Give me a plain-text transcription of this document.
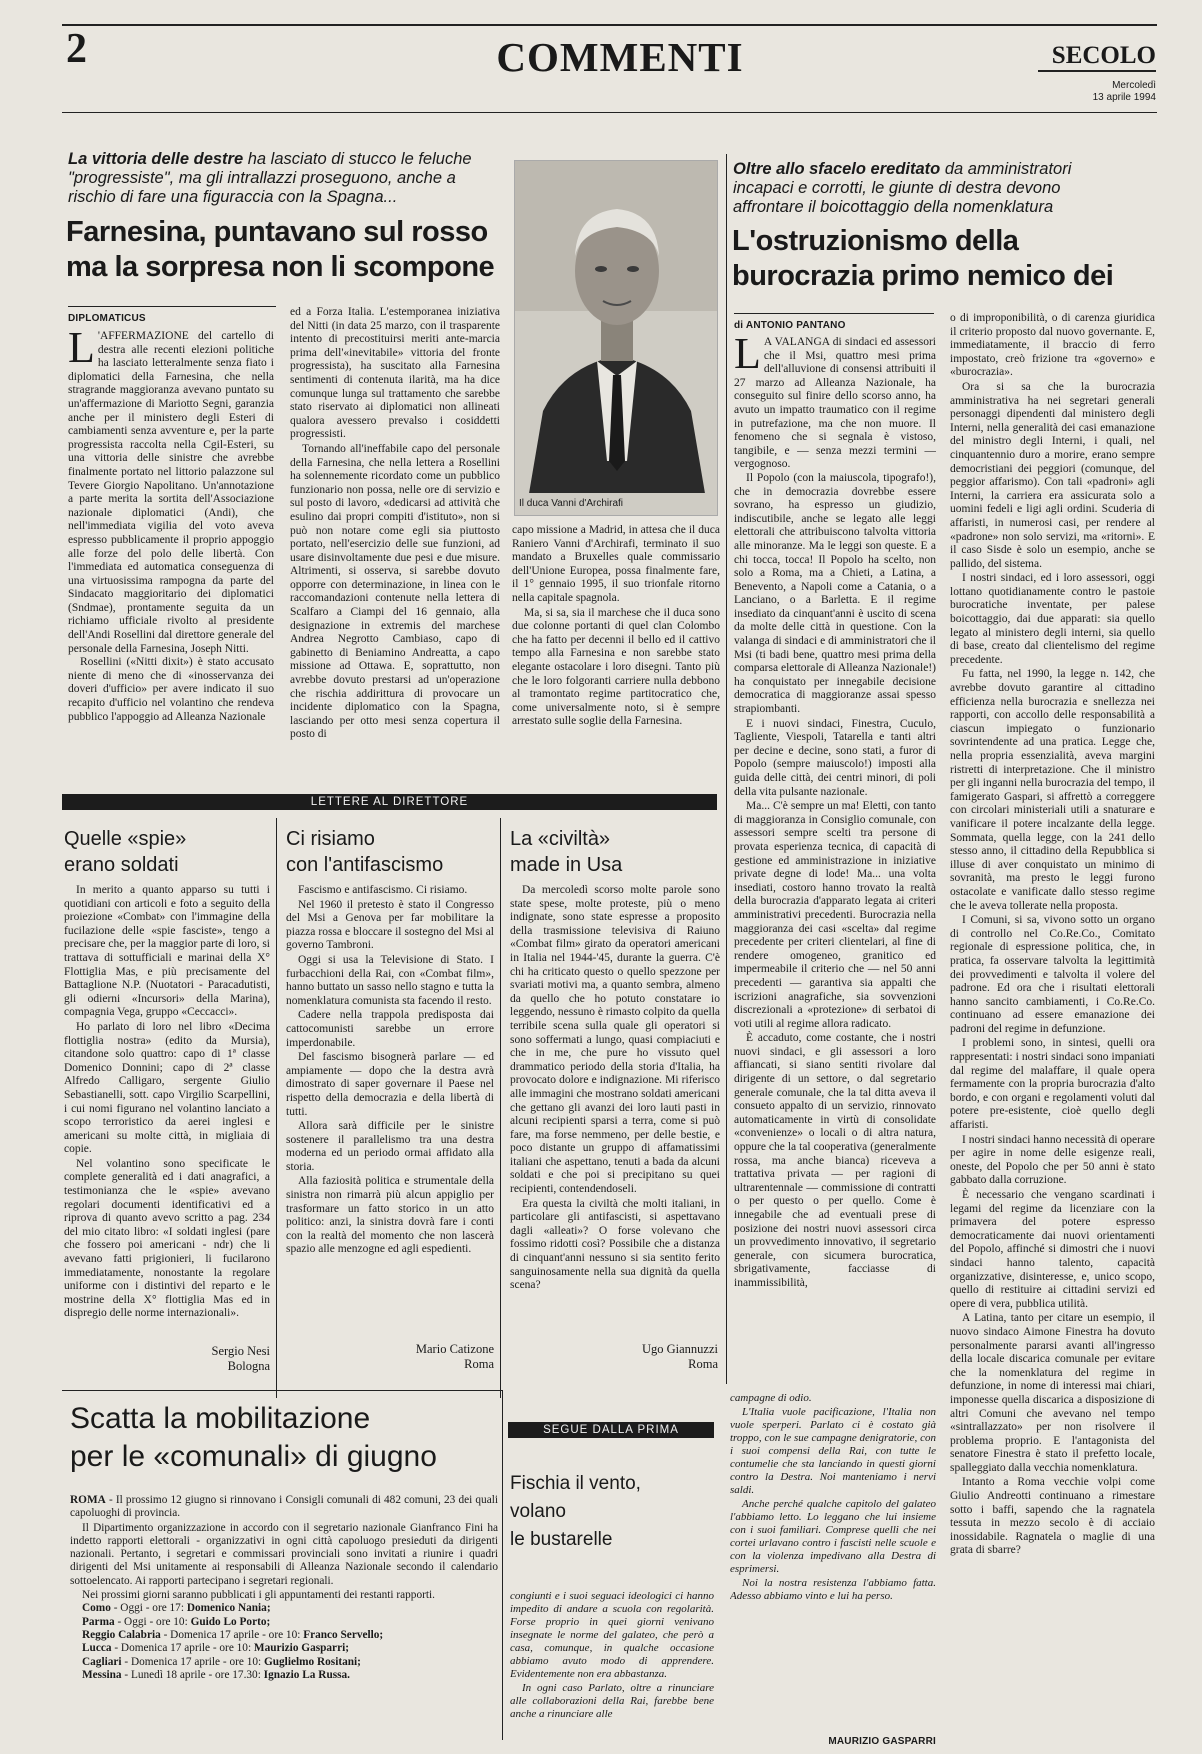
2	COMMENTI	SECOLO
Mercoledì
13 aprile 1994
La vittoria delle destre ha lasciato di stucco le feluche "progressiste", ma gli intrallazzi proseguono, anche a rischio di fare una figuraccia con la Spagna...
Farnesina, puntavano sul rosso ma la sorpresa non li scompone
DIPLOMATICUS
L 'AFFERMAZIONE del cartello di destra alle recenti elezioni politiche ha lasciato letteralmente senza fiato i diplomatici della Farnesina, che nella stragrande maggioranza avevano puntato su un'affermazione di Mariotto Segni, garanzia anche per il ministero degli Esteri di cambiamenti senza avventure e, per la parte progressista raccolta nella Cgil-Esteri, su una vittoria delle sinistre che avrebbe finalmente portato nel littorio palazzone sul Tevere Giorgio Napolitano. Un'annotazione a parte merita la sortita dell'Associazione nazionale diplomatici (Andi), che nell'immediata vigilia del voto aveva espresso pubblicamente il proprio appoggio alle forze del polo delle libertà. Con l'immediata ed automatica conseguenza di una virtuosissima rampogna da parte del Sindacato maggioritario dei diplomatici (Sndmae), prontamente seguita da un richiamo ufficiale rivolto al presidente dell'Andi Rosellini dal direttore generale del personale della Farnesina, Joseph Nitti.

Rosellini («Nitti dixit») è stato accusato niente di meno che di «inosservanza dei doveri d'ufficio» per avere indicato il suo recapito d'ufficio nel volantino che rendeva pubblico l'appoggio ad Alleanza Nazionale

ed a Forza Italia. L'estemporanea iniziativa del Nitti (in data 25 marzo, con il trasparente intento di precostituirsi meriti ante-marcia prima dell'«inevitabile» vittoria del fronte progressista), ha suscitato alla Farnesina sentimenti di contenuta ilarità, ma ha dice comunque lunga sul trattamento che sarebbe stato riservato ai diplomatici non allineati qualora avessero prevalso i cosiddetti progressisti.

Tornando all'ineffabile capo del personale della Farnesina, che nella lettera a Rosellini ha solennemente ricordato come un pubblico funzionario non possa, nelle ore di servizio e sul posto di lavoro, «dedicarsi ad attività che esulino dai propri compiti d'istituto», non si può non notare come egli sia piuttosto portato, nell'esercizio delle sue funzioni, ad usare disinvoltamente due pesi e due misure. Altrimenti, si osserva, si sarebbe dovuto opporre con determinazione, in linea con le raccomandazioni contenute nella lettera di Scalfaro a Ciampi del 16 gennaio, alla designazione in extremis del marchese Andrea Negrotto Cambiaso, capo di gabinetto di Beniamino Andreatta, a capo missione ad Ottawa. E, soprattutto, non avrebbe dovuto prestarsi ad un'operazione che rischia addirittura di provocare un incidente diplomatico con la Spagna, lasciando per otto mesi senza copertura il posto di

Il duca Vanni d'Archirafi

capo missione a Madrid, in attesa che il duca Raniero Vanni d'Archirafi, terminato il suo mandato a Bruxelles quale commissario dell'Unione Europea, possa finalmente fare, il 1° gennaio 1995, il suo trionfale ritorno nella capitale spagnola.

Ma, si sa, sia il marchese che il duca sono due colonne portanti di quel clan Colombo che ha fatto per decenni il bello ed il cattivo tempo alla Farnesina e non sarebbe stato elegante ostacolare i loro disegni. Tanto più che le loro folgoranti carriere nulla debbono al tramontato regime partitocratico che, come universalmente noto, si è sempre arrestato sulle soglie della Farnesina.

Oltre allo sfacelo ereditato da amministratori incapaci e corrotti, le giunte di destra devono affrontare il boicottaggio della nomenklatura
L'ostruzionismo della burocrazia primo nemico dei
di ANTONIO PANTANO
L A VALANGA di sindaci ed assessori che il Msi, quattro mesi prima dell'alluvione di consensi attribuiti il 27 marzo ad Alleanza Nazionale, ha conseguito sul finire dello scorso anno, ha avuto un impatto traumatico con il regime in putrefazione, ma che non muore. Il fenomeno che si segnala è vistoso, tangibile, e — senza mezzi termini — vergognoso.

Il Popolo (con la maiuscola, tipografo!), che in democrazia dovrebbe essere sovrano, ha espresso un giudizio, indiscutibile, anche se legato alle leggi elettorali che attribuiscono talvolta vittoria alle minoranze. Ma le leggi son queste. E a chi tocca, tocca! Il Popolo ha scelto, non solo a Roma, ma a Chieti, a Latina, a Benevento, a Napoli come a Catania, o a Lanciano, o a Barletta. E il regime insediato da cinquant'anni è uscito di scena da molte delle città in questione. Con la valanga di sindaci e di amministratori che il Msi (ti badi bene, quattro mesi prima della comparsa elettorale di Alleanza Nazionale!) ha conquistato per innegabile decisione democratica di maggioranze assai spesso strapiombanti.

E i nuovi sindaci, Finestra, Cuculo, Tagliente, Viespoli, Tatarella e tanti altri per decine e decine, sono stati, a furor di Popolo (sempre maiuscolo!) imposti alla guida delle città, dei centri minori, di poli della vita pulsante nazionale.

Ma... C'è sempre un ma! Eletti, con tanto di maggioranza in Consiglio comunale, con assessori sempre scelti tra persone di provata esperienza tecnica, di capacità di gestione ed amministrazione in iniziative private degne di lode! Ma... una volta insediati, costoro hanno trovato la realtà della burocrazia d'apparato legata ai criteri amministrativi precedenti. Burocrazia nella maggioranza dei casi «scelta» dal regime precedente per criteri clientelari, al fine di rendere omogeneo, granitico ed impermeabile il criterio che — nel 50 anni precedenti — garantiva sia appalti che iscrizioni anagrafiche, sia sovvenzioni discrezionali a «protezione» di serbatoi di voti utili al regime allora radicato.

È accaduto, come costante, che i nostri nuovi sindaci, e gli assessori a loro affiancati, si siano sentiti rivolare dal dirigente di un settore, o dal segretario generale comunale, che la tal ditta aveva il consueto appalto di un servizio, rinnovato automaticamente in virtù di consolidate «convenienze» o locali o di altra natura, oppure che la tal cooperativa (generalmente rossa, ma anche bianca) riceveva a trattativa privata — per ragioni di ultrarentennale — commissione di contratti o per questo o per quello. Come è innegabile che ad eventuali prese di posizione dei nostri nuovi assessori circa un provvedimento innovativo, il segretario generale, con sicumera burocratica, sbrigativamente, facciasse di inammissibilità,

o di improponibilità, o di carenza giuridica il criterio proposto dal nuovo governante. E, immediatamente, il braccio di ferro impostato, creò frizione tra «governo» e «burocrazia».

Ora si sa che la burocrazia amministrativa ha nei segretari generali personaggi dipendenti dal ministero degli Interni, nella generalità dei casi emanazione del ministro degli Interni, i quali, nel cinquantennio duro a morire, erano sempre democristiani dei peggiori (comunque, del peggior affarismo). Con tali «padroni» agli Interni, la carriera era assicurata solo a uomini fedeli e ligi agli ordini. Scuderia di affaristi, in numerosi casi, per rendere al «padrone» non solo servizi, ma «ritorni». E il caso Sisde è solo un esempio, anche se pallido, del sistema.

I nostri sindaci, ed i loro assessori, oggi lottano quotidianamente contro le pastoie burocratiche inventate, per palese boicottaggio, dai due apparati: sia quello legato al ministero degli interni, sia quello di base, creato dal clientelismo del regime precedente.

Fu fatta, nel 1990, la legge n. 142, che avrebbe dovuto garantire al cittadino efficienza nella burocrazia e snellezza nei rapporti, con accollo delle responsabilità a ciascun impiegato o funzionario sovrintendente ad una pratica. Legge che, nella propria essenzialità, aveva margini ristretti di interpretazione. Che il ministro per gli inganni nella burocrazia del tempo, il famigerato Gaspari, si affrettò a correggere con circolari ministeriali utili a snaturare e vanificare il potere incalzante della legge. Sommata, quella legge, con la 241 dello stesso anno, il cittadino della Repubblica si illuse di aver conquistato un minimo di sovranità, ma presto le leggi furono ostacolate e vanificate dallo stesso regime che le aveva tollerate nella proposta.

I Comuni, si sa, vivono sotto un organo di controllo nel Co.Re.Co., Comitato regionale di espressione politica, che, in pratica, fa osservare talvolta la legittimità dei provvedimenti e talvolta il volere del padrone. Ed ora che i risultati elettorali hanno sancito cambiamenti, i Co.Re.Co. continuano ad essere emanazione dei padroni del regime in defunzione.

I problemi sono, in sintesi, quelli ora rappresentati: i nostri sindaci sono impaniati dal regime del malaffare, il quale opera fermamente con la propria burocrazia d'alto bordo, e con organi e regolamenti voluti dal potere pre-esistente, cioè quello degli affaristi.

I nostri sindaci hanno necessità di operare per agire in nome delle esigenze reali, oneste, del Popolo che per 50 anni è stato gabbato dalla corruzione.

È necessario che vengano scardinati i legami del regime da licenziare con la primavera del potere espresso democraticamente dai nuovi orientamenti del Popolo, affinché si dimostri che i nuovi sindaci hanno talento, capacità organizzative, disinteresse, e, unico scopo, quello di restituire ai cittadini servizi ed opere di vera, pubblica utilità.

A Latina, tanto per citare un esempio, il nuovo sindaco Aimone Finestra ha dovuto personalmente pararsi avanti all'ingresso della locale discarica comunale per evitare che la nomenklatura del regime in defunzione, in nome di interessi mai chiari, imponesse quella discarica a disposizione di altri Comuni che avevano nel tempo «sintrallazzato» per non risolvere il problema proprio. E l'antagonista del senatore Finestra è stato il prefetto locale, spalleggiato dalla vecchia nomenklatura.

Intanto a Roma vecchie volpi come Giulio Andreotti continuano a rimestare sotto i baffi, sapendo che la ragnatela tessuta in mezzo secolo è di acciaio inossidabile. Ragnatela o maglie di una grata di sbarre?

LETTERE AL DIRETTORE
Quelle «spie»
erano soldati

In merito a quanto apparso su tutti i quotidiani con articoli e foto a seguito della proiezione «Combat» con l'immagine della fucilazione delle «spie fasciste», tengo a precisare che, per la maggior parte di loro, si trattava di sottufficiali e marinai della X° Flottiglia Mas, e più precisamente del Battaglione N.P. (Nuotatori - Paracadutisti, gli odierni «Incursori» della Marina), compagnia Vega, gruppo «Ceccacci».

Ho parlato di loro nel libro «Decima flottiglia nostra» (edito da Mursia), citandone solo quattro: capo di 1ª classe Domenico Donnini; capo di 2ª classe Alfredo Calligaro, sergente Giulio Sebastianelli, sott. capo Virgilio Scarpellini, i cui nomi figurano nel volantino lanciato a scopo terroristico da aerei inglesi e americani su molte città, in migliaia di copie.

Nel volantino sono specificate le complete generalità ed i dati anagrafici, a testimonianza che le «spie» avevano regolari documenti identificativi ed a riprova di quanto avevo scritto a pag. 234 del mio citato libro: «I soldati inglesi (pare che fossero poi americani - ndr) che li avevano fatti prigionieri, li fucilarono immediatamente, nonostante la regolare uniforme con i distintivi del reparto e le mostrine della X° flottiglia Mas ed in dispregio delle norme internazionali».

Sergio Nesi
Bologna
Ci risiamo
con l'antifascismo

Fascismo e antifascismo. Ci risiamo.

Nel 1960 il pretesto è stato il Congresso del Msi a Genova per far mobilitare la piazza rossa e bloccare il sostegno del Msi al governo Tambroni.

Oggi si usa la Televisione di Stato. I furbacchioni della Rai, con «Combat film», hanno buttato un sasso nello stagno e tutta la nomenklatura comunista sta facendo il resto.

Cadere nella trappola predisposta dai cattocomunisti sarebbe un errore imperdonabile.

Del fascismo bisognerà parlare — ed ampiamente — dopo che la destra avrà dimostrato di saper governare il Paese nel rispetto della democrazia e della libertà di tutti.

Allora sarà difficile per le sinistre sostenere il parallelismo tra una destra moderna ed un periodo ormai affidato alla storia.

Alla faziosità politica e strumentale della sinistra non rimarrà più alcun appiglio per trasformare un fatto storico in un atto politico: anzi, la sinistra dovrà fare i conti con la realtà del momento che non lascerà spazio alle menzogne ed agli espedienti.

Mario Catizone
Roma
La «civiltà»
made in Usa

Da mercoledì scorso molte parole sono state spese, molte proteste, più o meno indignate, sono state espresse a proposito della trasmissione televisiva di Raiuno «Combat film» girato da operatori americani in Italia nel 1944-'45, durante la guerra. C'è chi ha criticato questo o quello spezzone per svariati motivi ma, a quanto sembra, almeno da quello che ho potuto constatare io leggendo, nessuno è rimasto colpito da quella terribile scena sulla quale gli operatori si sono soffermati a lungo, quasi compiaciuti e che in me, che pure ho vissuto quel drammatico periodo della storia d'Italia, ha provocato dolore e indignazione. Mi riferisco alle immagini che mostrano soldati americani che gettano gli avanzi dei loro lauti pasti in alcuni recipienti sparsi a terra, come si può fare, ma forse nemmeno, per delle bestie, e poco distante un gruppo di affamatissimi italiani che aspettano, tenuti a bada da alcuni soldati e che poi si precipitano su quei recipienti, contendendoseli.

Era questa la civiltà che molti italiani, in particolare gli antifascisti, si aspettavano dagli «alleati»? O forse volevano che fossimo ridotti così? Possibile che a distanza di cinquant'anni nessuno si sia sentito ferito sanguinosamente nella sua dignità da quella scena?

Ugo Giannuzzi
Roma
Scatta la mobilitazione
per le «comunali» di giugno

ROMA - Il prossimo 12 giugno si rinnovano i Consigli comunali di 482 comuni, 23 dei quali capoluoghi di provincia.

Il Dipartimento organizzazione in accordo con il segretario nazionale Gianfranco Fini ha indetto rapporti elettorali - organizzativi in ogni città capoluogo presieduti da dirigenti nazionali. Pertanto, i segretari e commissari provinciali sono invitati a riunire i quadri dirigenti del Msi unitamente ai responsabili di Alleanza Nazionale secondo il calendario sottoelencato. Ai rapporti partecipano i segretari regionali.

Nei prossimi giorni saranno pubblicati i gli appuntamenti dei restanti rapporti.

Como - Oggi - ore 17: Domenico Nania;
Parma - Oggi - ore 10: Guido Lo Porto;
Reggio Calabria - Domenica 17 aprile - ore 10: Franco Servello;
Lucca - Domenica 17 aprile - ore 10: Maurizio Gasparri;
Cagliari - Domenica 17 aprile - ore 10: Guglielmo Rositani;
Messina - Lunedì 18 aprile - ore 17.30: Ignazio La Russa.
SEGUE DALLA PRIMA
Fischia il vento,
volano
le bustarelle

congiunti e i suoi seguaci ideologici ci hanno impedito di andare a scuola con regolarità. Forse proprio in quei giorni venivano insegnate le norme del galateo, che però a casa, comunque, in qualche occasione abbiamo avuto modo di apprendere. Evidentemente non era abbastanza.

In ogni caso Parlato, oltre a rinunciare alle collaborazioni della Rai, farebbe bene anche a rinunciare alle

campagne di odio.

L'Italia vuole pacificazione, l'Italia non vuole sperperi. Parlato ci è costato già troppo, con le sue campagne denigratorie, con i suoi compensi della Rai, con tutte le contumelie che sta lanciando in questi giorni contro la Destra. Noi manteniamo i nervi saldi.

Anche perché qualche capitolo del galateo l'abbiamo letto. Lo leggano che lui insieme con i suoi familiari. Comprese quelli che nei cortei urlavano contro i fascisti nelle scuole e con la violenza impedivano alla Destra di esprimersi.

Noi la nostra resistenza l'abbiamo fatta. Adesso abbiamo vinto e lui ha perso.

MAURIZIO GASPARRI
